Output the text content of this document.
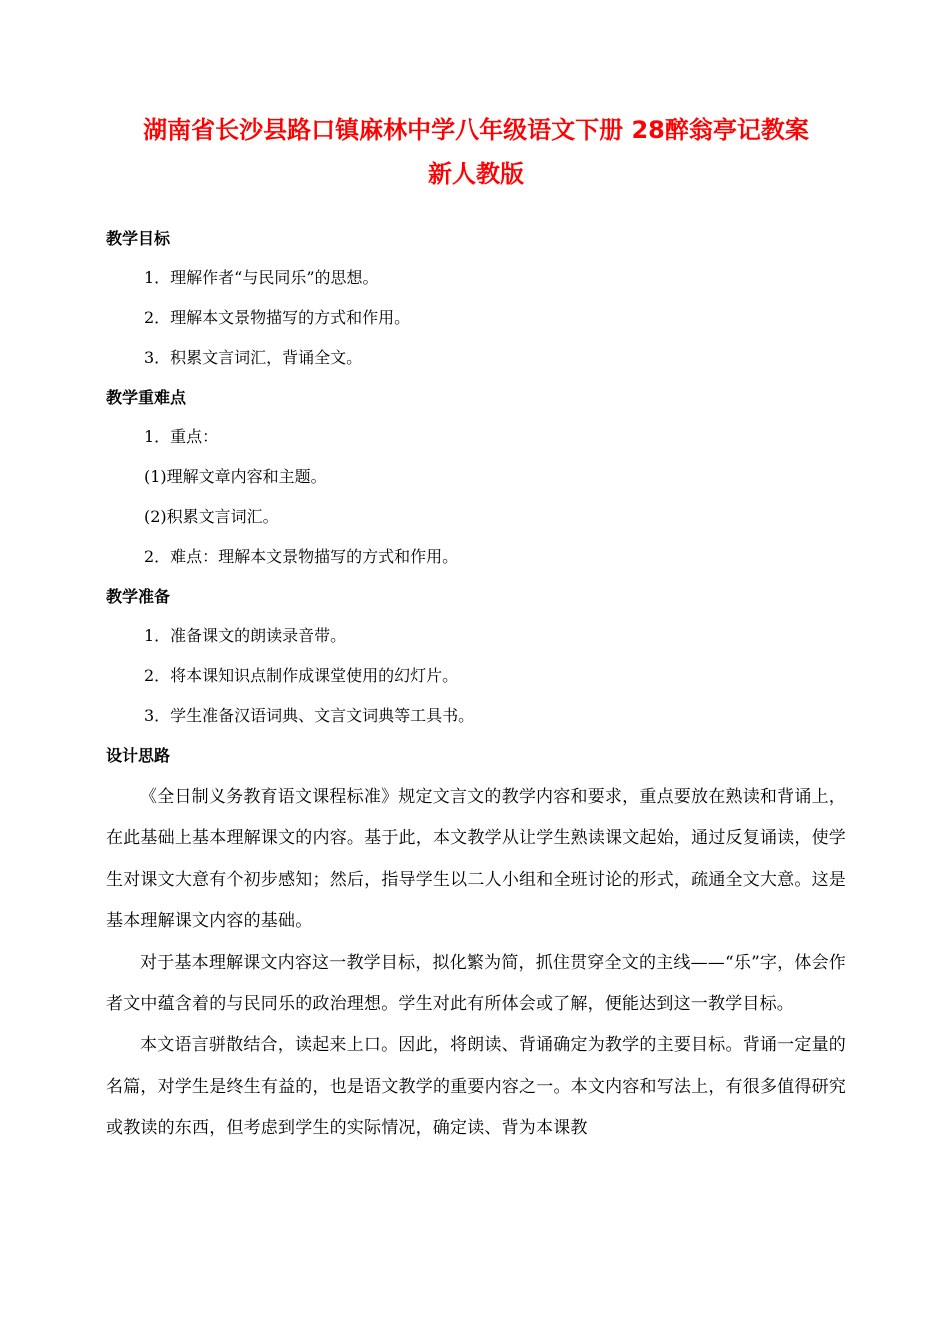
湖南省长沙县路口镇麻林中学八年级语文下册 28醉翁亭记教案
新人教版
教学目标
1．理解作者“与民同乐”的思想。
2．理解本文景物描写的方式和作用。
3．积累文言词汇，背诵全文。
教学重难点
1．重点：
(1)理解文章内容和主题。
(2)积累文言词汇。
2．难点：理解本文景物描写的方式和作用。
教学准备
1．准备课文的朗读录音带。
2．将本课知识点制作成课堂使用的幻灯片。
3．学生准备汉语词典、文言文词典等工具书。
设计思路

《全日制义务教育语文课程标准》规定文言文的教学内容和要求，重点要放在熟读和背诵上，在此基础上基本理解课文的内容。基于此，本文教学从让学生熟读课文起始，通过反复诵读，使学生对课文大意有个初步感知；然后，指导学生以二人小组和全班讨论的形式，疏通全文大意。这是基本理解课文内容的基础。

对于基本理解课文内容这一教学目标，拟化繁为简，抓住贯穿全文的主线——“乐”字，体会作者文中蕴含着的与民同乐的政治理想。学生对此有所体会或了解，便能达到这一教学目标。

本文语言骈散结合，读起来上口。因此，将朗读、背诵确定为教学的主要目标。背诵一定量的名篇，对学生是终生有益的，也是语文教学的重要内容之一。本文内容和写法上，有很多值得研究或教读的东西，但考虑到学生的实际情况，确定读、背为本课教
